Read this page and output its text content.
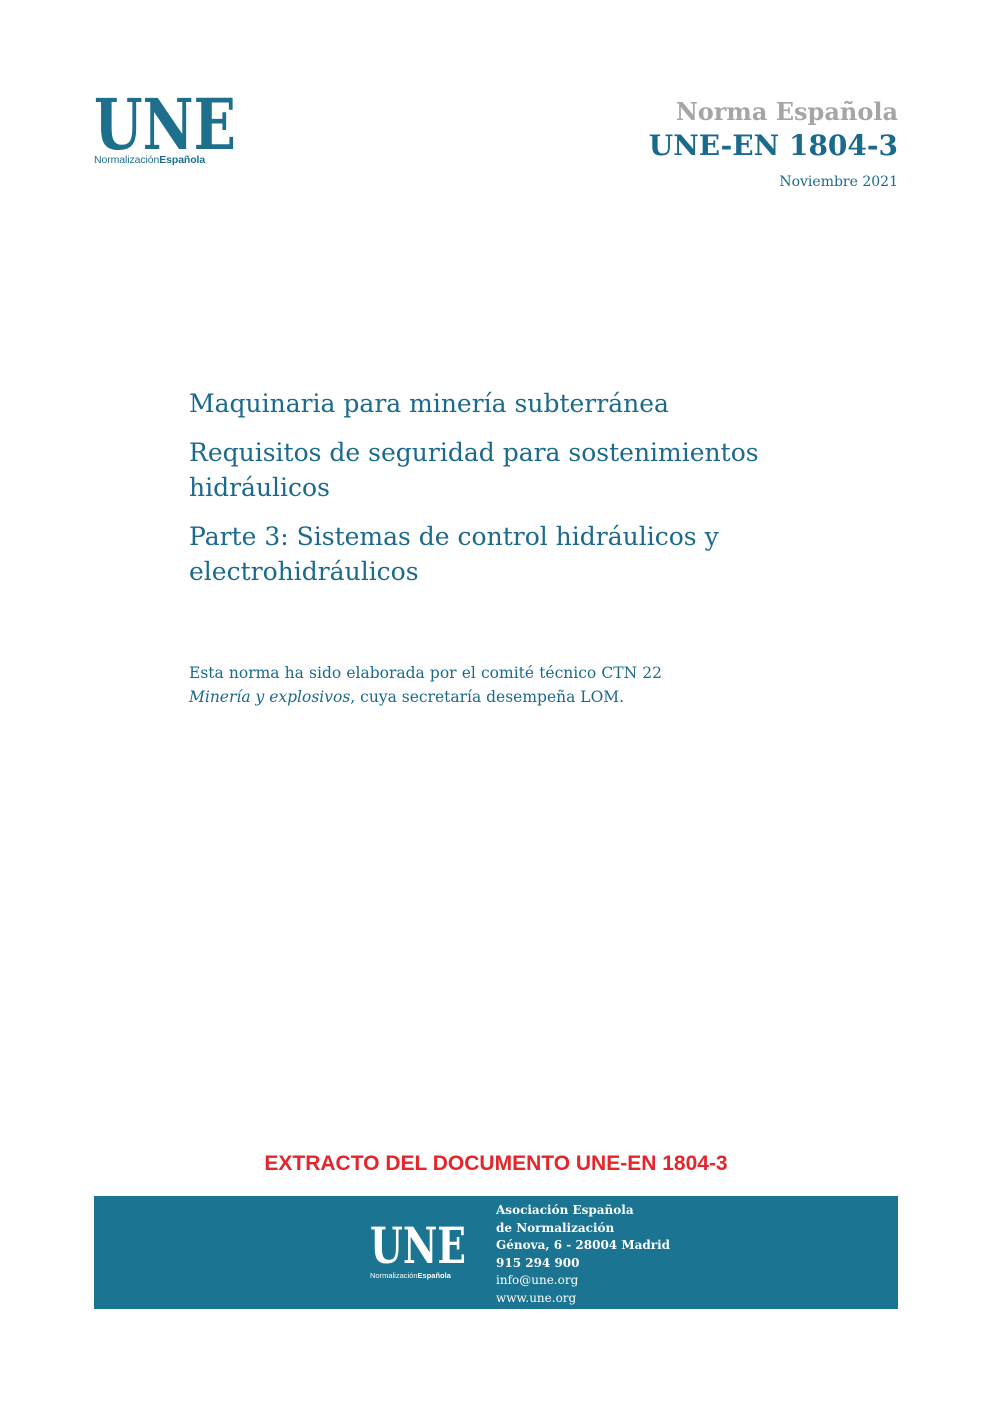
UNE
NormalizaciónEspañola
Norma Española
UNE-EN 1804-3
Noviembre 2021

Maquinaria para minería subterránea

Requisitos de seguridad para sostenimientos hidráulicos

Parte 3: Sistemas de control hidráulicos y electrohidráulicos

Esta norma ha sido elaborada por el comité técnico CTN 22 Minería y explosivos, cuya secretaría desempeña LOM.
EXTRACTO DEL DOCUMENTO UNE-EN 1804-3
UNE
NormalizaciónEspañola
Asociación Española
de Normalización
Génova, 6 - 28004 Madrid
915 294 900
info@une.org
www.une.org
